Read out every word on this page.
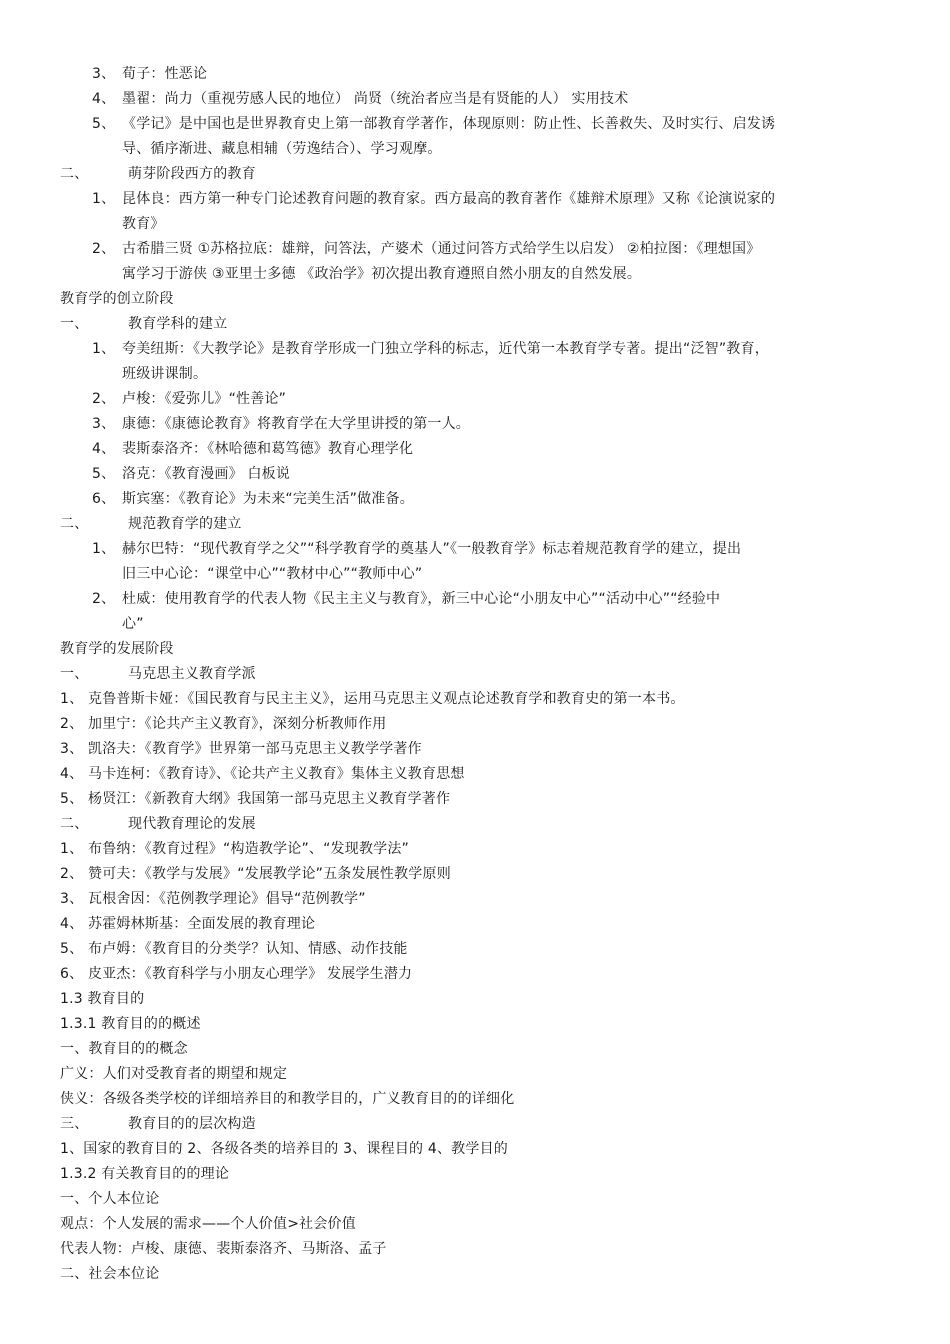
3、 荀子：性恶论
4、 墨翟：尚力（重视劳感人民的地位） 尚贤（统治者应当是有贤能的人） 实用技术
5、 《学记》是中国也是世界教育史上第一部教育学著作，体现原则：防止性、长善救失、及时实行、启发诱
导、循序渐进、藏息相辅（劳逸结合）、学习观摩。
二、	萌芽阶段西方的教育
1、 昆体良：西方第一种专门论述教育问题的教育家。西方最高的教育著作《雄辩术原理》又称《论演说家的
教育》
2、 古希腊三贤 ①苏格拉底：雄辩，问答法，产婆术（通过问答方式给学生以启发） ②柏拉图：《理想国》
寓学习于游侠 ③亚里士多德 《政治学》初次提出教育遵照自然小朋友的自然发展。
教育学的创立阶段
一、	教育学科的建立
1、 夸美纽斯：《大教学论》是教育学形成一门独立学科的标志，近代第一本教育学专著。提出“泛智”教育，
班级讲课制。
2、 卢梭：《爱弥儿》“性善论”
3、 康德：《康德论教育》将教育学在大学里讲授的第一人。
4、 裴斯泰洛齐：《林哈德和葛笃德》教育心理学化
5、 洛克：《教育漫画》 白板说
6、 斯宾塞：《教育论》为未来“完美生活”做准备。
二、	规范教育学的建立
1、 赫尔巴特：“现代教育学之父”“科学教育学的奠基人”《一般教育学》标志着规范教育学的建立，提出
旧三中心论：“课堂中心”“教材中心”“教师中心”
2、 杜威：使用教育学的代表人物《民主主义与教育》，新三中心论“小朋友中心”“活动中心”“经验中
心”
教育学的发展阶段
一、	马克思主义教育学派
1、 克鲁普斯卡娅：《国民教育与民主主义》，运用马克思主义观点论述教育学和教育史的第一本书。
2、 加里宁：《论共产主义教育》，深刻分析教师作用
3、 凯洛夫：《教育学》世界第一部马克思主义教学学著作
4、 马卡连柯：《教育诗》、《论共产主义教育》集体主义教育思想
5、 杨贤江：《新教育大纲》我国第一部马克思主义教育学著作
二、	现代教育理论的发展
1、 布鲁纳：《教育过程》“构造教学论”、“发现教学法”
2、 赞可夫：《教学与发展》“发展教学论”五条发展性教学原则
3、 瓦根舍因：《范例教学理论》倡导“范例教学”
4、 苏霍姆林斯基：全面发展的教育理论
5、 布卢姆：《教育目的分类学？认知、情感、动作技能
6、 皮亚杰：《教育科学与小朋友心理学》 发展学生潜力
1.3 教育目的
1.3.1 教育目的的概述
一、教育目的的概念
广义：人们对受教育者的期望和规定
侠义：各级各类学校的详细培养目的和教学目的，广义教育目的的详细化
三、	教育目的的层次构造
1、国家的教育目的 2、各级各类的培养目的 3、课程目的 4、教学目的
1.3.2 有关教育目的的理论
一、个人本位论
观点：个人发展的需求——个人价值>社会价值
代表人物：卢梭、康德、裴斯泰洛齐、马斯洛、孟子
二、社会本位论
